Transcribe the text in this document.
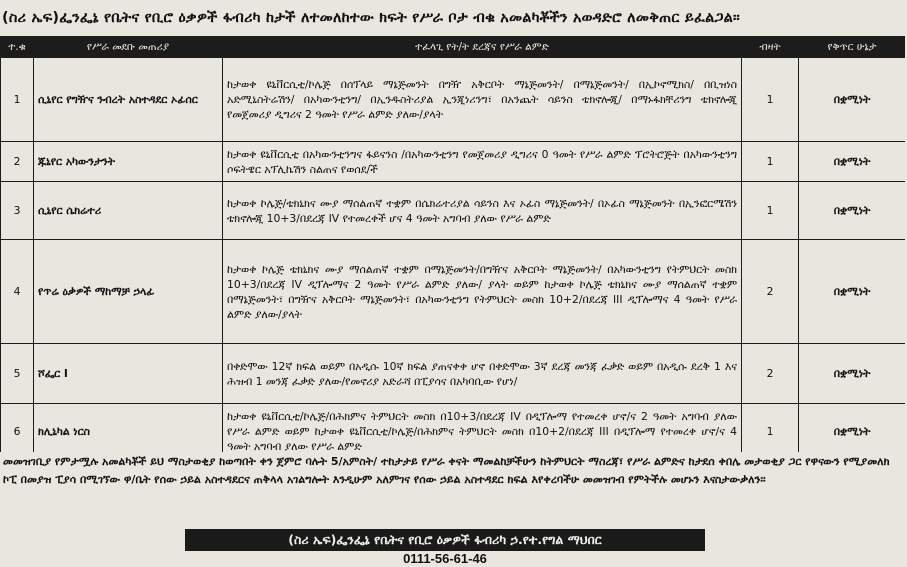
(ስሪ ኤፍ)ፌንፌኔ የቤትና የቢሮ ዕቃዎች ፋብሪካ ከታች ለተመለከተው ክፍት የሥራ ቦታ ብቁ አመልካቾችን አወዳድሮ ለመቅጠር ይፈልጋል።
ተ.ቁ	የሥራ መደቡ መጠሪያ	ተፈላጊ የት/ት ደረጃና የሥራ ልምድ	ብዛት	የቅጥር ሁኔታ
1	ሲኒየር የግዥና ንብረት አስተዳደር ኦፊሰር	ከታወቀ ዩኒቨርሲቲ/ኮሌጅ በሰፕላይ ማኔጅመንት በግዥ አቅርቦት ማኔጅመንት/ በማኔጅመንት/ በኢኮኖሚክስ/ በቢዝነስ አድሚኒስትሬሽን/ በአካውንቲንግ/ በኢንዱስትሪያል ኢንጂነሪንግ፣ በአንጨት ሳይንስ ቴክኖሎጂ/ በማኑፋክቸሪንግ ቴክኖሎጂ የመጀመሪያ ዲግሪና 2 ዓመት የሥራ ልምድ ያለው/ያላት	1	በቋሚነት
2	ጁኒየር አካውንታንት	ከታወቀ ዩኒቨርሲቲ በአካውንቲንግና ፋይናንስ /በአካውንቲንግ የመጀመሪያ ዲግሪና 0 ዓመት የሥራ ልምድ ፕሮትሮጅት በአካውንቲንግ ሶፍትዌር አፕሊኬሽን ስልጠና የወሰደ/ች	1	በቋሚነት
3	ሲኒየር ሴክሬተሪ	ከታወቀ ኮሌጅ/ቴክኒክና ሙያ ማሰልጠኛ ተቋም በሴክሬተሪያል ሳይንስ እና ኦፊስ ማኔጅመንት/ በኦፊስ ማኔጅመንት በኢንፎርሜሽን ቴክኖሎጂ 10+3/በደረጃ IV የተመረቀች ሆና 4 ዓመት አግባብ ያለው የሥራ ልምድ	1	በቋሚነት
4	የጥሬ ዕቃዎች ማከማቻ ኃላፊ	ከታወቀ ኮሌጅ ቴክኒክና ሙያ ማሰልጠኛ ተቋም በማኔጅመንት/በግዥና አቅርቦት ማኔጅመንት/ በአካውንቲንግ የትምህርት መስክ 10+3/በደረጃ IV ዲፕሎማና 2 ዓመት የሥራ ልምድ ያለው/ ያላት ወይም ከታወቀ ኮሌጅ ቴክኒክና ሙያ ማሰልጠኛ ተቋም በማኔጅመንት፣ በግዥና አቅርቦት ማኔጅመንት፣ በአካውንቲንግ የትምህርት መስክ 10+2/በደረጃ III ዲፕሎማና 4 ዓመት የሥራ ልምድ ያለው/ያላት	2	በቋሚነት
5	ሾፌር I	በቀድሞው 12ኛ ክፍል ወይም በአዲሱ 10ኛ ክፍል ያጠናቀቀ ሆኖ በቀድሞው 3ኛ ደረጃ መንጃ ፈቃድ ወይም በአዲሱ ደረቅ 1 እና ሕዝብ 1 መንጃ ፈቃድ ያለው/የመኖሪያ አድራሻ በፒያሳና በአካባቢው የሆነ/	2	በቋሚነት
6	ክሊኒካል ነርስ	ከታወቀ ዩኒቨርሲቲ/ኮሌጅ/በሕክምና ትምህርት መስክ በ10+3/በደረጃ IV በዲፕሎማ የተመረቀ ሆኖ/ና 2 ዓመት አግባብ ያለው የሥራ ልምድ ወይም ከታወቀ ዩኒቨርሲቲ/ኮሌጅ/በሕክምና ትምህርት መስክ በ10+2/በደረጃ III በዲፕሎማ የተመረቀ ሆኖ/ና 4 ዓመት አግባብ ያለው የሥራ ልምድ	1	በቋሚነት
መመዝገቢያ የምታሟሉ አመልካቾች ይህ ማስታወቂያ ከወጣበት ቀን ጀምሮ ባሉት 5/አምስት/ ተከታታይ የሥራ ቀናት ማመልከቻችሁን ከትምህርት ማስረጃ፣ የሥራ ልምድና ከታደሰ ቀበሌ መታወቂያ ጋር የዋናውን የሚያመለክ ኮፒ በመያዝ ፒያሳ በሚገኘው ዋ/ቤት የሰው ኃይል አስተዳደርና ጠቅላላ አገልግሎት እንዲሁም አለምገና የሰው ኃይል አስተዳደር ክፍል እየቀረባችሁ መመዝገብ የምትችሉ መሆኑን እናስታውቃለን፡፡
(ስሪ ኤፍ)ፌንፌኔ የቤትና የቢሮ ዕቃዎች ፋብሪካ ኃ.የተ.የግል ማህበር
0111-56-61-46
